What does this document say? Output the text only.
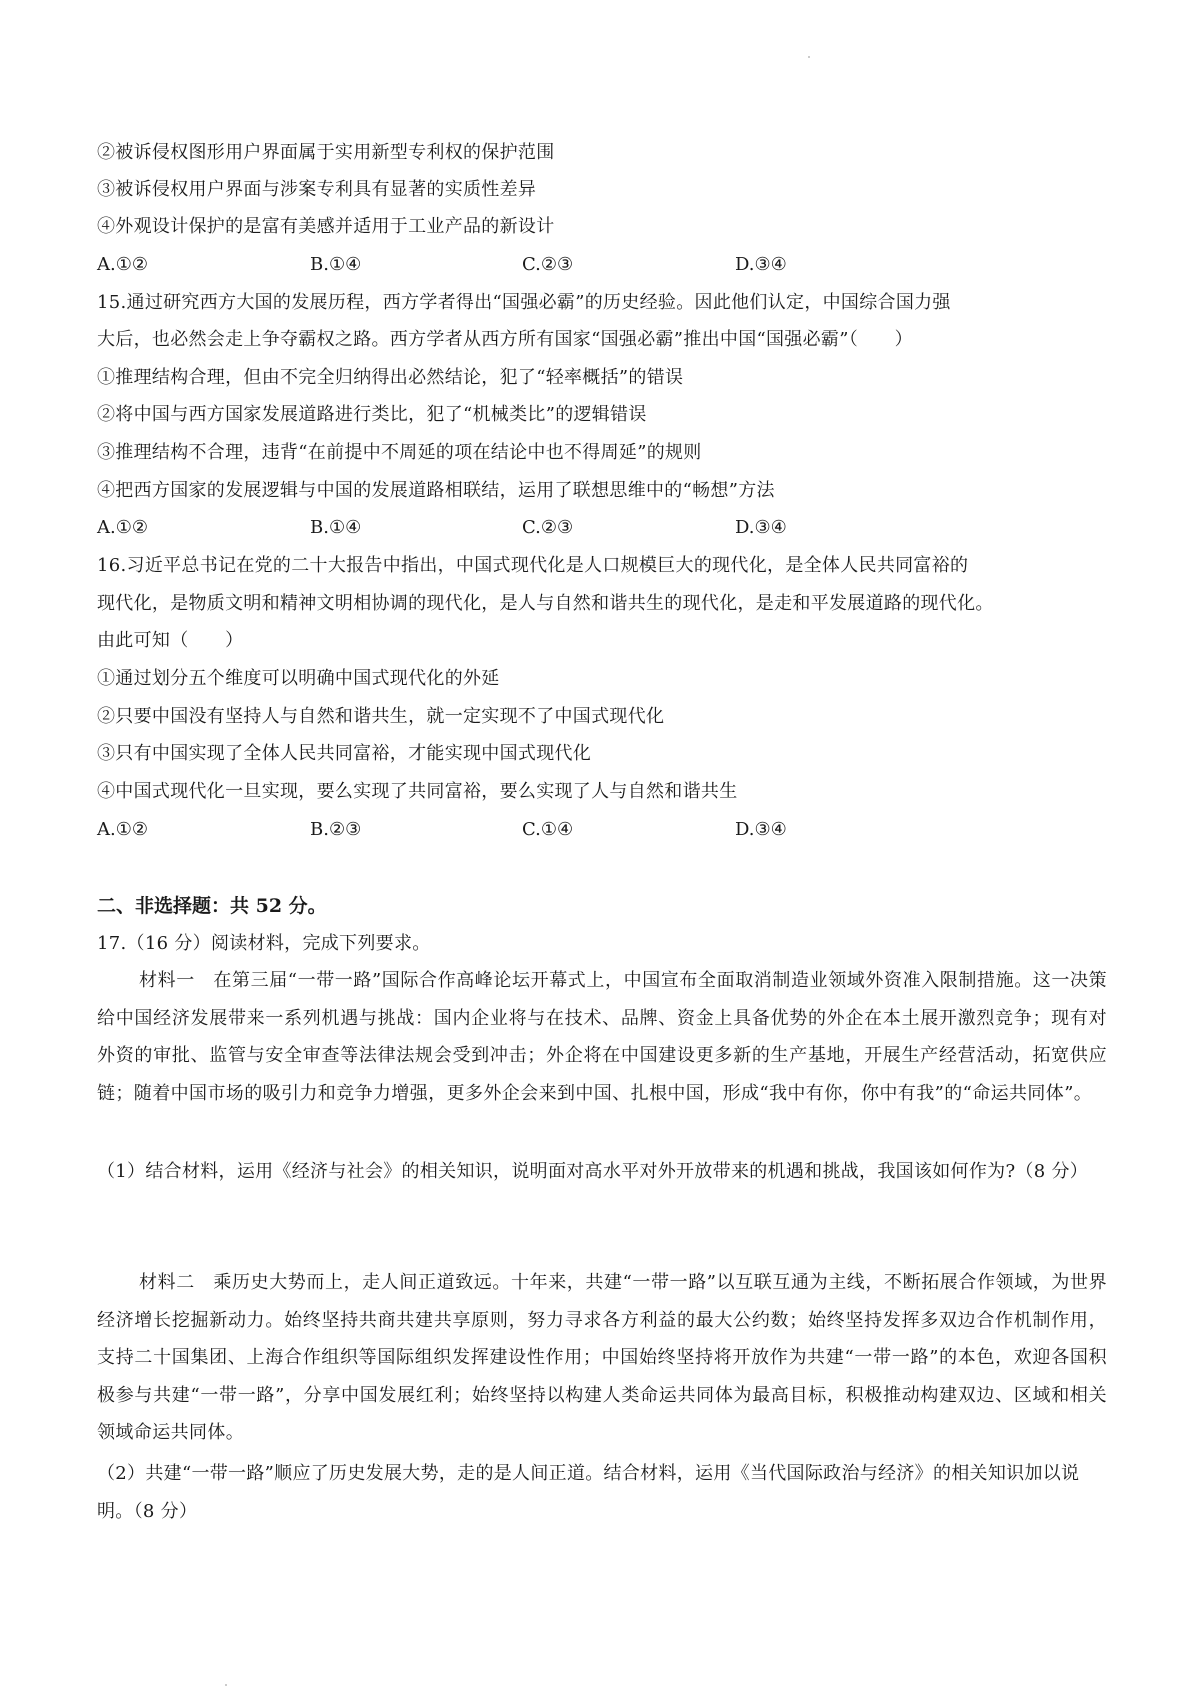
②被诉侵权图形用户界面属于实用新型专利权的保护范围
③被诉侵权用户界面与涉案专利具有显著的实质性差异
④外观设计保护的是富有美感并适用于工业产品的新设计
A.①②	B.①④	C.②③	D.③④
15.通过研究西方大国的发展历程，西方学者得出“国强必霸”的历史经验。因此他们认定，中国综合国力强
大后，也必然会走上争夺霸权之路。西方学者从西方所有国家“国强必霸”推出中国“国强必霸”（　　）
①推理结构合理，但由不完全归纳得出必然结论，犯了“轻率概括”的错误
②将中国与西方国家发展道路进行类比，犯了“机械类比”的逻辑错误
③推理结构不合理，违背“在前提中不周延的项在结论中也不得周延”的规则
④把西方国家的发展逻辑与中国的发展道路相联结，运用了联想思维中的“畅想”方法
A.①②	B.①④	C.②③	D.③④
16.习近平总书记在党的二十大报告中指出，中国式现代化是人口规模巨大的现代化，是全体人民共同富裕的
现代化，是物质文明和精神文明相协调的现代化，是人与自然和谐共生的现代化，是走和平发展道路的现代化。
由此可知（　　）
①通过划分五个维度可以明确中国式现代化的外延
②只要中国没有坚持人与自然和谐共生，就一定实现不了中国式现代化
③只有中国实现了全体人民共同富裕，才能实现中国式现代化
④中国式现代化一旦实现，要么实现了共同富裕，要么实现了人与自然和谐共生
A.①②	B.②③	C.①④	D.③④
二、非选择题：共 52 分。
17.（16 分）阅读材料，完成下列要求。
材料一　在第三届“一带一路”国际合作高峰论坛开幕式上，中国宣布全面取消制造业领域外资准入限制措施。这一决策给中国经济发展带来一系列机遇与挑战：国内企业将与在技术、品牌、资金上具备优势的外企在本土展开激烈竞争；现有对外资的审批、监管与安全审查等法律法规会受到冲击；外企将在中国建设更多新的生产基地，开展生产经营活动，拓宽供应链；随着中国市场的吸引力和竞争力增强，更多外企会来到中国、扎根中国，形成“我中有你，你中有我”的“命运共同体”。
（1）结合材料，运用《经济与社会》的相关知识，说明面对高水平对外开放带来的机遇和挑战，我国该如何作为?（8 分）
材料二　乘历史大势而上，走人间正道致远。十年来，共建“一带一路”以互联互通为主线，不断拓展合作领域，为世界经济增长挖掘新动力。始终坚持共商共建共享原则，努力寻求各方利益的最大公约数；始终坚持发挥多双边合作机制作用，支持二十国集团、上海合作组织等国际组织发挥建设性作用；中国始终坚持将开放作为共建“一带一路”的本色，欢迎各国积极参与共建“一带一路”，分享中国发展红利；始终坚持以构建人类命运共同体为最高目标，积极推动构建双边、区域和相关领域命运共同体。
（2）共建“一带一路”顺应了历史发展大势，走的是人间正道。结合材料，运用《当代国际政治与经济》的相关知识加以说明。（8 分）
